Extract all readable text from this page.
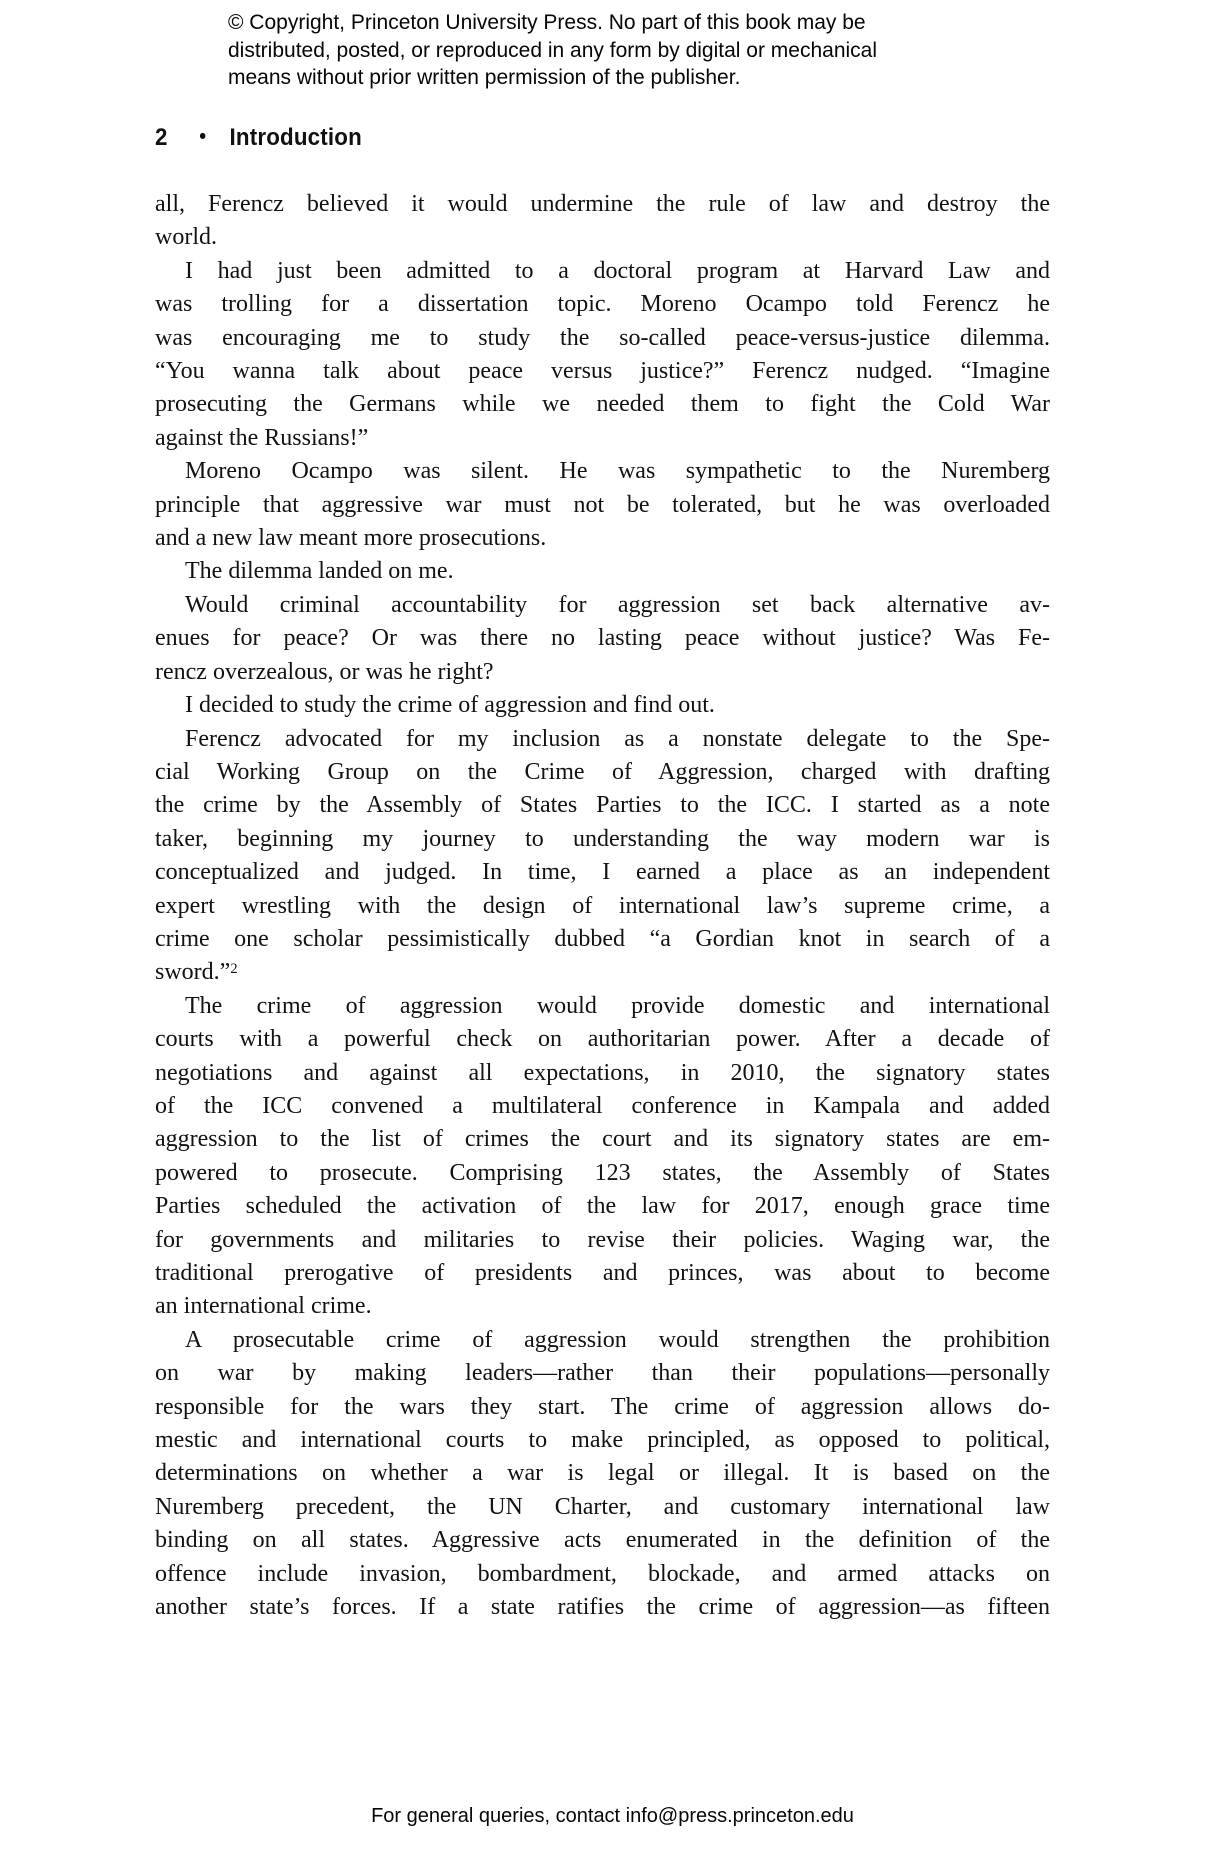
© Copyright, Princeton University Press. No part of this book may be
distributed, posted, or reproduced in any form by digital or mechanical
means without prior written permission of the publisher.
2 • Introduction
all, Ferencz believed it would undermine the rule of law and destroy the
world.
I had just been admitted to a doctoral program at Harvard Law and
was trolling for a dissertation topic. Moreno Ocampo told Ferencz he
was encouraging me to study the so-called peace-versus-justice dilemma.
“You wanna talk about peace versus justice?” Ferencz nudged. “Imagine
prosecuting the Germans while we needed them to fight the Cold War
against the Russians!”
Moreno Ocampo was silent. He was sympathetic to the Nuremberg
principle that aggressive war must not be tolerated, but he was overloaded
and a new law meant more prosecutions.
The dilemma landed on me.
Would criminal accountability for aggression set back alternative av-
enues for peace? Or was there no lasting peace without justice? Was Fe-
rencz overzealous, or was he right?
I decided to study the crime of aggression and find out.
Ferencz advocated for my inclusion as a nonstate delegate to the Spe-
cial Working Group on the Crime of Aggression, charged with drafting
the crime by the Assembly of States Parties to the ICC. I started as a note
taker, beginning my journey to understanding the way modern war is
conceptualized and judged. In time, I earned a place as an independent
expert wrestling with the design of international law’s supreme crime, a
crime one scholar pessimistically dubbed “a Gordian knot in search of a
sword.”$^2$
The crime of aggression would provide domestic and international
courts with a powerful check on authoritarian power. After a decade of
negotiations and against all expectations, in 2010, the signatory states
of the ICC convened a multilateral conference in Kampala and added
aggression to the list of crimes the court and its signatory states are em-
powered to prosecute. Comprising 123 states, the Assembly of States
Parties scheduled the activation of the law for 2017, enough grace time
for governments and militaries to revise their policies. Waging war, the
traditional prerogative of presidents and princes, was about to become
an international crime.
A prosecutable crime of aggression would strengthen the prohibition
on war by making leaders—rather than their populations—personally
responsible for the wars they start. The crime of aggression allows do-
mestic and international courts to make principled, as opposed to political,
determinations on whether a war is legal or illegal. It is based on the
Nuremberg precedent, the UN Charter, and customary international law
binding on all states. Aggressive acts enumerated in the definition of the
offence include invasion, bombardment, blockade, and armed attacks on
another state’s forces. If a state ratifies the crime of aggression—as fifteen
For general queries, contact info@press.princeton.edu
